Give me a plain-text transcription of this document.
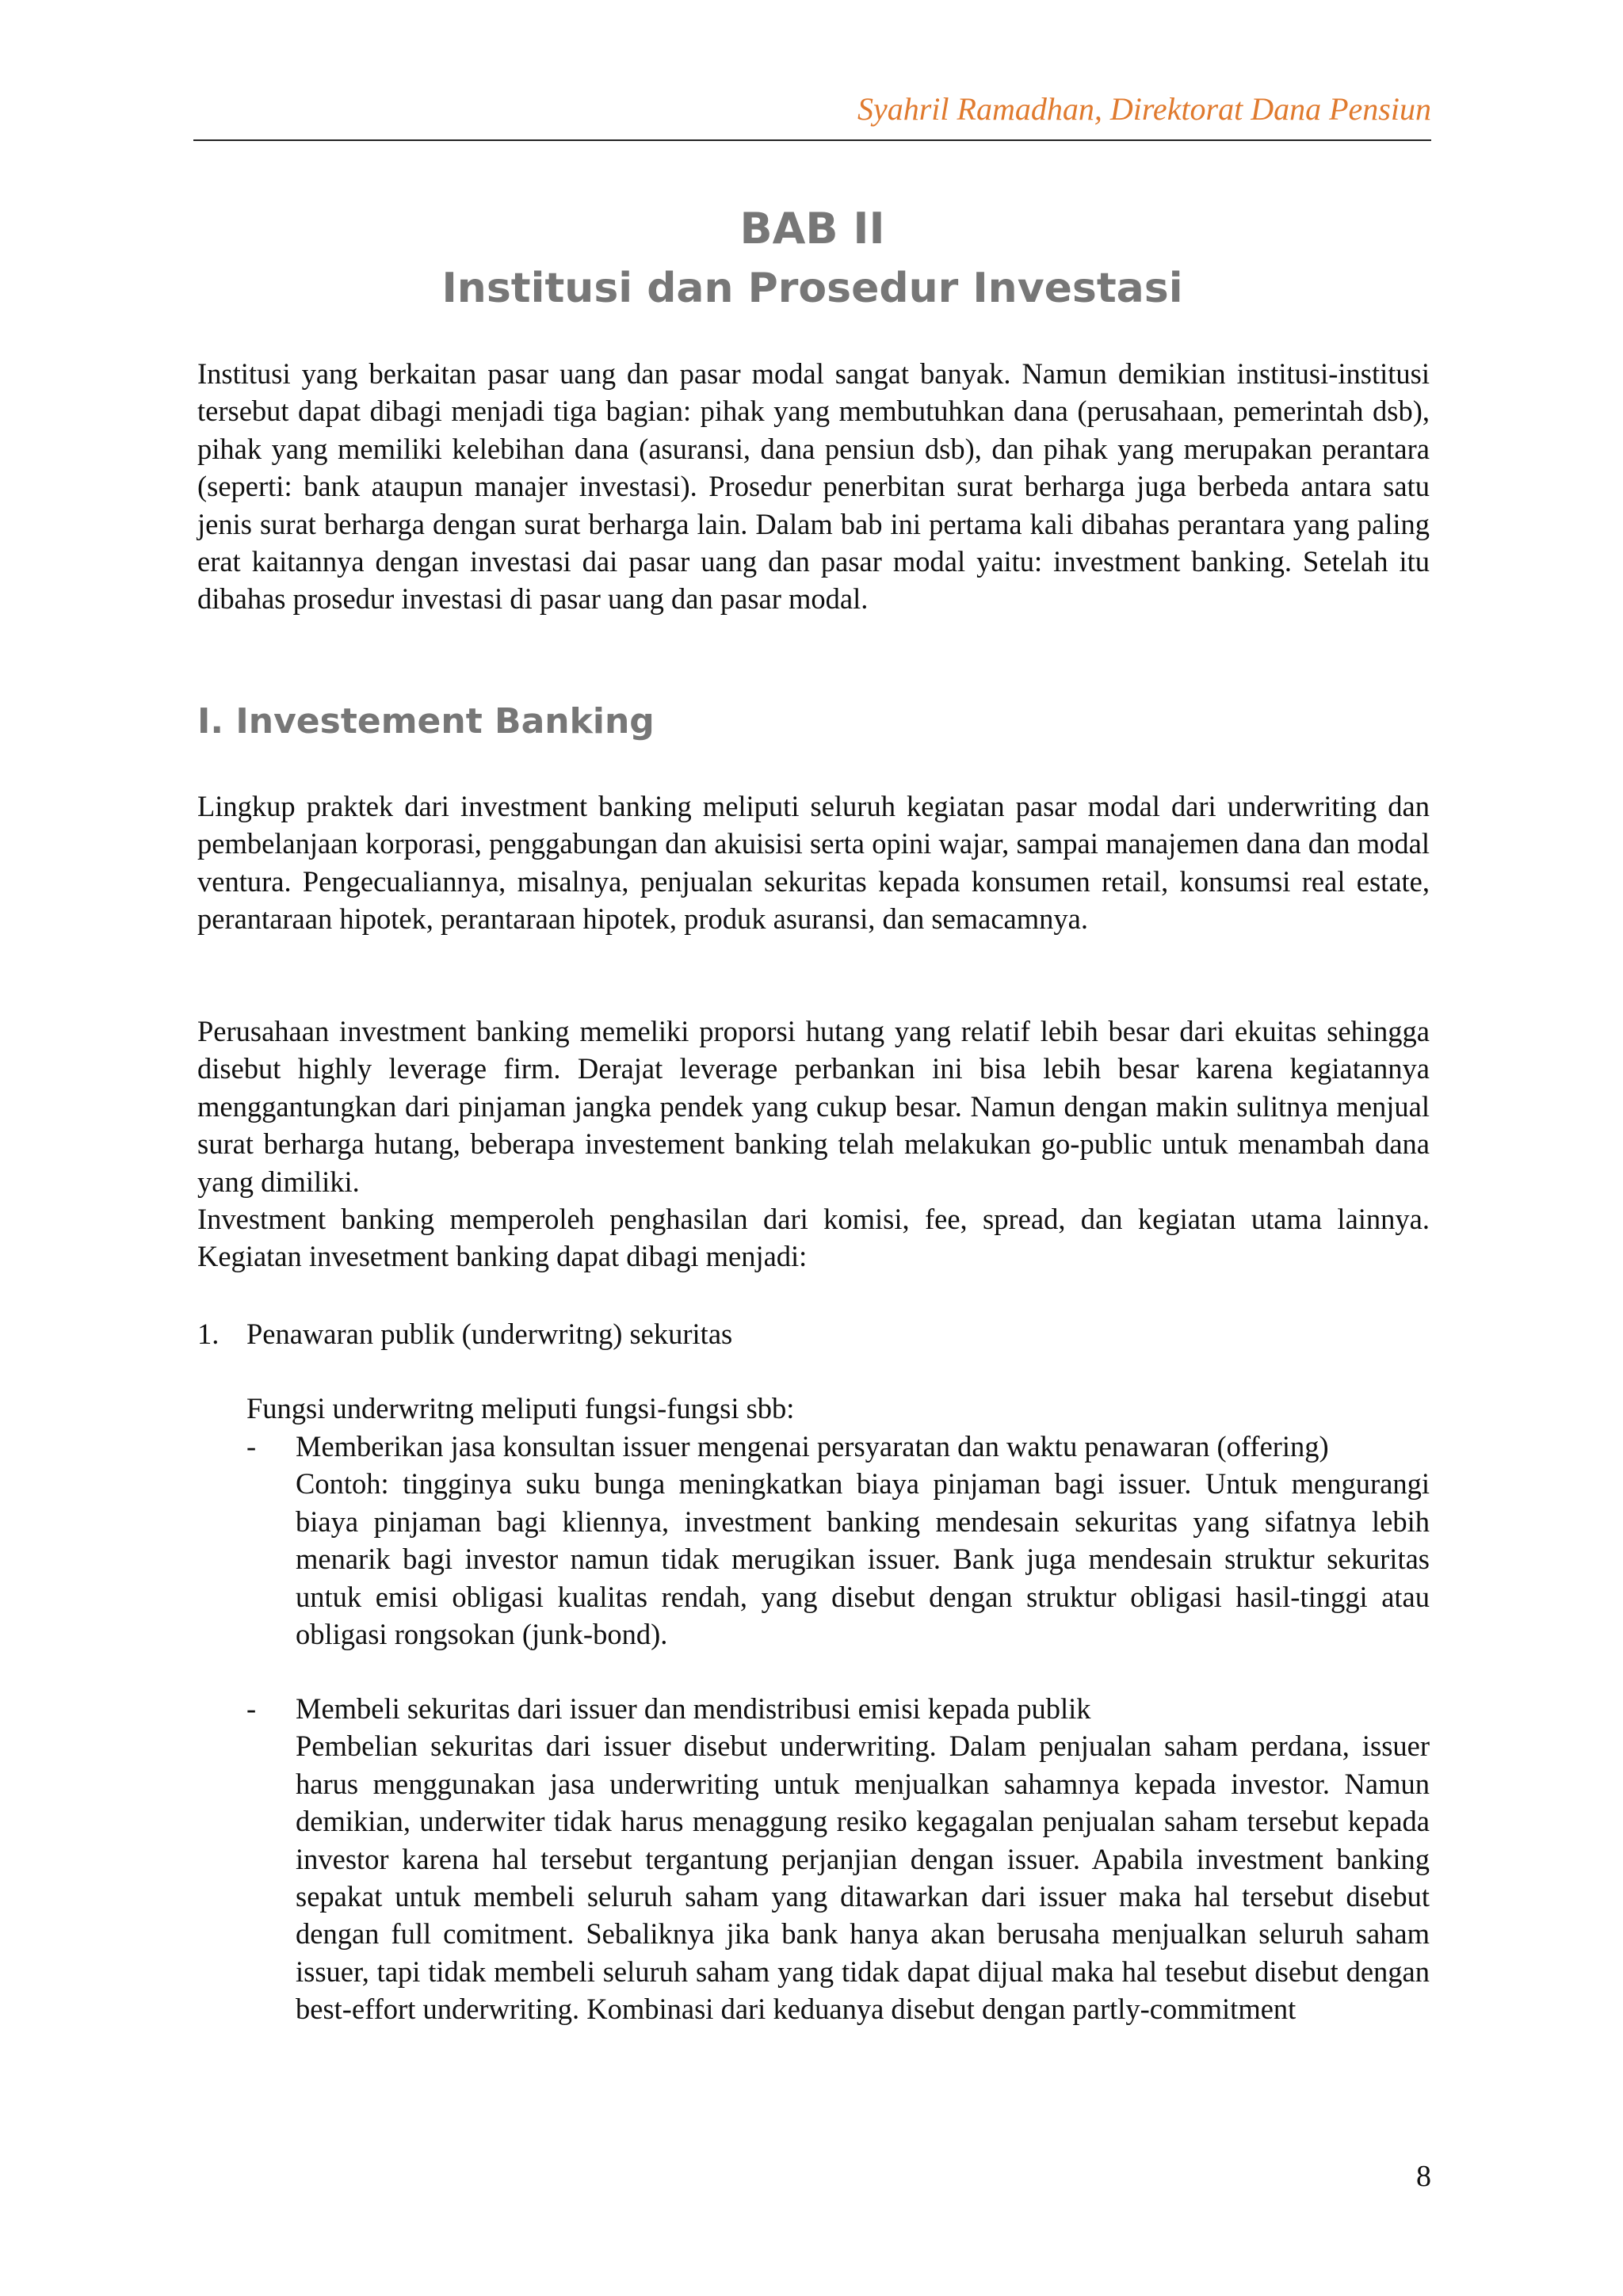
Syahril Ramadhan, Direktorat Dana Pensiun
BAB II
Institusi dan Prosedur Investasi

Institusi yang berkaitan pasar uang dan pasar modal sangat banyak. Namun demikian institusi-institusi tersebut dapat dibagi menjadi tiga bagian: pihak yang membutuhkan dana (perusahaan, pemerintah dsb), pihak yang memiliki kelebihan dana (asuransi, dana pensiun dsb), dan pihak yang merupakan perantara (seperti: bank ataupun manajer investasi). Prosedur penerbitan surat berharga juga berbeda antara satu jenis surat berharga dengan surat berharga lain. Dalam bab ini pertama kali dibahas perantara yang paling erat kaitannya dengan investasi dai pasar uang dan pasar modal yaitu: investment banking. Setelah itu dibahas prosedur investasi di pasar uang dan pasar modal.

I. Investement Banking

Lingkup praktek dari investment banking meliputi seluruh kegiatan pasar modal dari underwriting dan pembelanjaan korporasi, penggabungan dan akuisisi serta opini wajar, sampai manajemen dana dan modal ventura. Pengecualiannya, misalnya, penjualan sekuritas kepada konsumen retail, konsumsi real estate, perantaraan hipotek, perantaraan hipotek, produk asuransi, dan semacamnya.

Perusahaan investment banking memeliki proporsi hutang yang relatif lebih besar dari ekuitas sehingga disebut highly leverage firm. Derajat leverage perbankan ini bisa lebih besar karena kegiatannya menggantungkan dari pinjaman jangka pendek yang cukup besar. Namun dengan makin sulitnya menjual surat berharga hutang, beberapa investement banking telah melakukan go-public untuk menambah dana yang dimiliki.

Investment banking memperoleh penghasilan dari komisi, fee, spread, dan kegiatan utama lainnya. Kegiatan invesetment banking dapat dibagi menjadi:

1. Penawaran publik (underwritng) sekuritas
Fungsi underwritng meliputi fungsi-fungsi sbb:
- Memberikan jasa konsultan issuer mengenai persyaratan dan waktu penawaran (offering)
Contoh: tingginya suku bunga meningkatkan biaya pinjaman bagi issuer. Untuk mengurangi biaya pinjaman bagi kliennya, investment banking mendesain sekuritas yang sifatnya lebih menarik bagi investor namun tidak merugikan issuer. Bank juga mendesain struktur sekuritas untuk emisi obligasi kualitas rendah, yang disebut dengan struktur obligasi hasil-tinggi atau obligasi rongsokan (junk-bond).
- Membeli sekuritas dari issuer dan mendistribusi emisi kepada publik
Pembelian sekuritas dari issuer disebut underwriting. Dalam penjualan saham perdana, issuer harus menggunakan jasa underwriting untuk menjualkan sahamnya kepada investor. Namun demikian, underwiter tidak harus menaggung resiko kegagalan penjualan saham tersebut kepada investor karena hal tersebut tergantung perjanjian dengan issuer. Apabila investment banking sepakat untuk membeli seluruh saham yang ditawarkan dari issuer maka hal tersebut disebut dengan full comitment. Sebaliknya jika bank hanya akan berusaha menjualkan seluruh saham issuer, tapi tidak membeli seluruh saham yang tidak dapat dijual maka hal tesebut disebut dengan best-effort underwriting. Kombinasi dari keduanya disebut dengan partly-commitment
8
